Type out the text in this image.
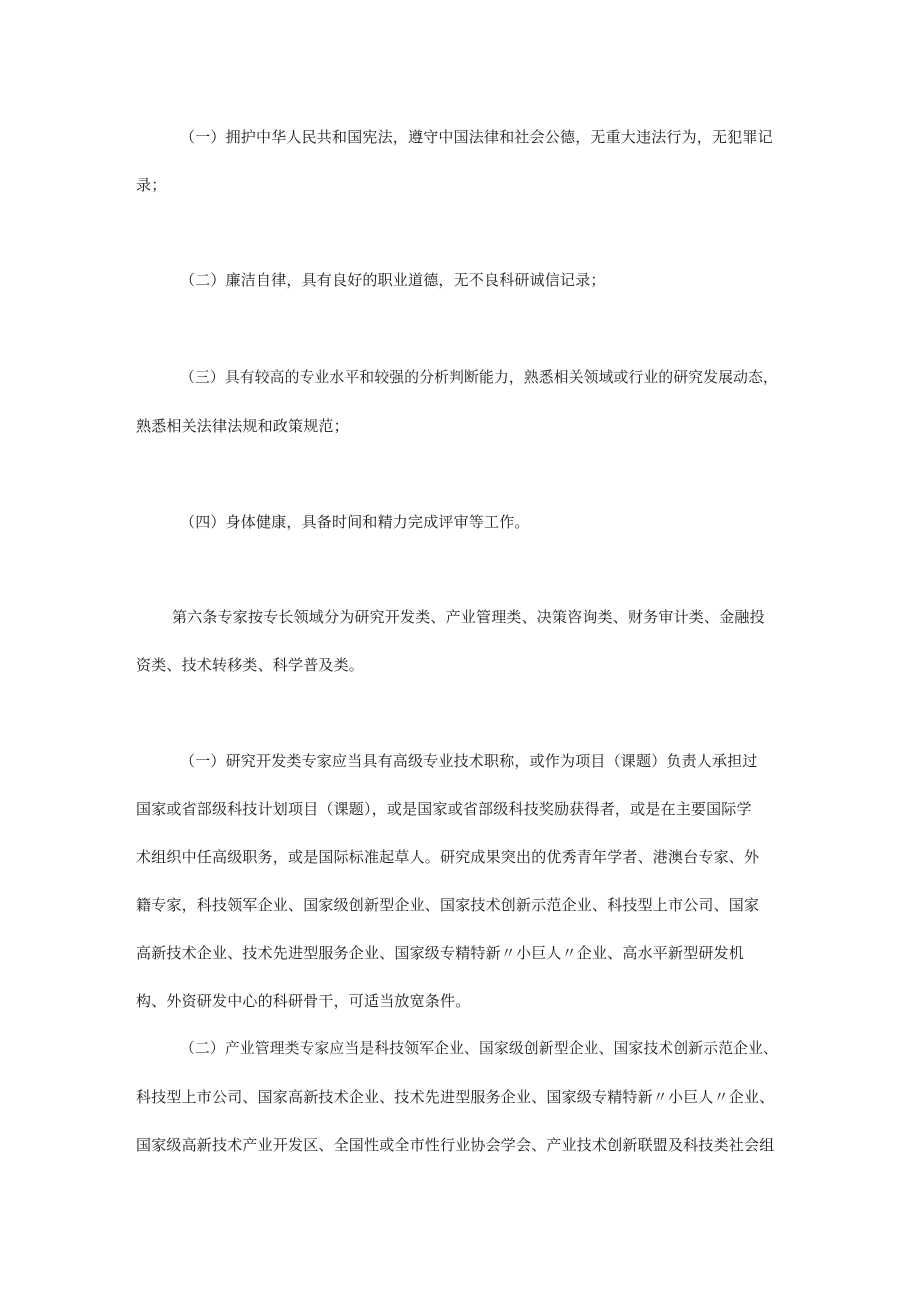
（一）拥护中华人民共和国宪法，遵守中国法律和社会公德，无重大违法行为，无犯罪记
录；
（二）廉洁自律，具有良好的职业道德，无不良科研诚信记录；
（三）具有较高的专业水平和较强的分析判断能力，熟悉相关领域或行业的研究发展动态，
熟悉相关法律法规和政策规范；
（四）身体健康，具备时间和精力完成评审等工作。
第六条专家按专长领域分为研究开发类、产业管理类、决策咨询类、财务审计类、金融投
资类、技术转移类、科学普及类。
（一）研究开发类专家应当具有高级专业技术职称，或作为项目（课题）负责人承担过
国家或省部级科技计划项目（课题），或是国家或省部级科技奖励获得者，或是在主要国际学
术组织中任高级职务，或是国际标准起草人。研究成果突出的优秀青年学者、港澳台专家、外
籍专家，科技领军企业、国家级创新型企业、国家技术创新示范企业、科技型上市公司、国家
高新技术企业、技术先进型服务企业、国家级专精特新〃小巨人〃企业、高水平新型研发机
构、外资研发中心的科研骨干，可适当放宽条件。
（二）产业管理类专家应当是科技领军企业、国家级创新型企业、国家技术创新示范企业、
科技型上市公司、国家高新技术企业、技术先进型服务企业、国家级专精特新〃小巨人〃企业、
国家级高新技术产业开发区、全国性或全市性行业协会学会、产业技术创新联盟及科技类社会组
